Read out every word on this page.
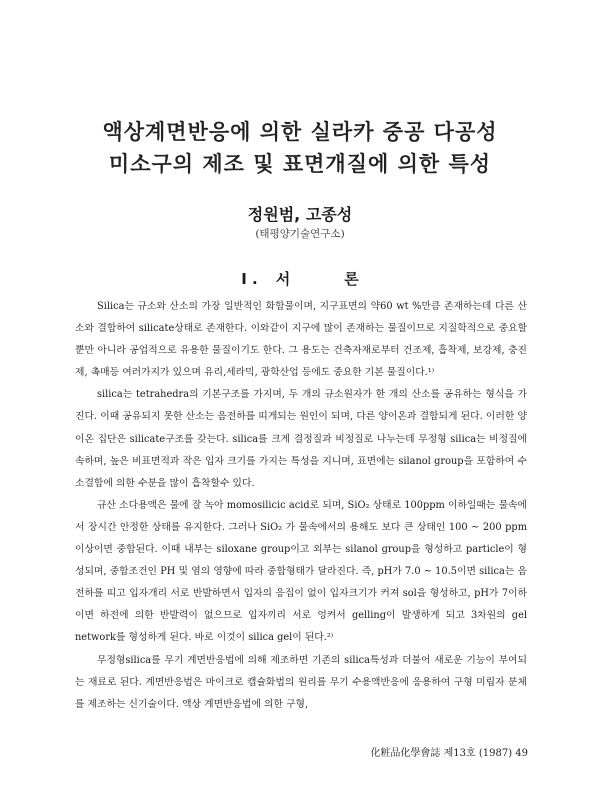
액상계면반응에 의한 실라카 중공 다공성
미소구의 제조 및 표면개질에 의한 특성
정원범, 고종성
(태평양기술연구소)
I . 서	론

Silica는 규소와 산소의 가장 일반적인 화합물이며, 지구표면의 약60 wt %만큼 존재하는데 다른 산소와 결합하여 silicate상태로 존재한다. 이와같이 지구에 많이 존재하는 물질이므로 지질학적으로 중요할 뿐만 아니라 공업적으로 유용한 물질이기도 한다. 그 용도는 건축자재로부터 건조제, 흡착제, 보강제, 충진제, 촉매등 여러가지가 있으며 유리,세라믹, 광학산업 등에도 중요한 기본 물질이다.¹⁾

silica는 tetrahedra의 기본구조를 가지며, 두 개의 규소원자가 한 개의 산소를 공유하는 형식을 가진다. 이때 공유되지 못한 산소는 음전하를 띠게되는 원인이 되며, 다른 양이온과 결합되게 된다. 이러한 양이온 집단은 silicate구조를 갖는다. silica를 크게 결정질과 비정질로 나누는데 무정형 silica는 비정질에 속하며, 높은 비표면적과 작은 입자 크기를 가지는 특성을 지니며, 표면에는 silanol group을 포함하여 수소결합에 의한 수분을 많이 흡착할수 있다.

규산 소다용액은 물에 잘 녹아 momosilicic acid로 되며, SiO₂ 상태로 100ppm 이하일때는 물속에서 장시간 안정한 상태를 유지한다. 그러나 SiO₂ 가 물속에서의 용해도 보다 큰 상태인 100 ~ 200 ppm이상이면 중합된다. 이때 내부는 siloxane group이고 외부는 silanol group을 형성하고 particle이 형성되며, 중합조건인 PH 및 염의 영향에 따라 중합형태가 달라진다. 즉, pH가 7.0 ~ 10.5이면 silica는 음전하를 띠고 입자개리 서로 반발하면서 입자의 응집이 없이 입자크기가 커져 sol을 형성하고, pH가 7이하이면 하전에 의한 반발력이 없으므로 입자끼리 서로 엉켜서 gelling이 발생하게 되고 3차원의 gel network를 형성하게 된다. 바로 이것이 silica gel이 된다.²⁾

무정형silica를 무기 계면반응법에 의해 제조하면 기존의 silica특성과 더불어 새로운 기능이 부여되는 재료로 된다. 계면반응법은 마이크로 캡슐화법의 원리를 무기 수용액반응에 응용하여 구형 미립자 분체를 제조하는 신기술이다. 액상 계면반응법에 의한 구형,

化粧品化學會誌 제13호 (1987) 49
